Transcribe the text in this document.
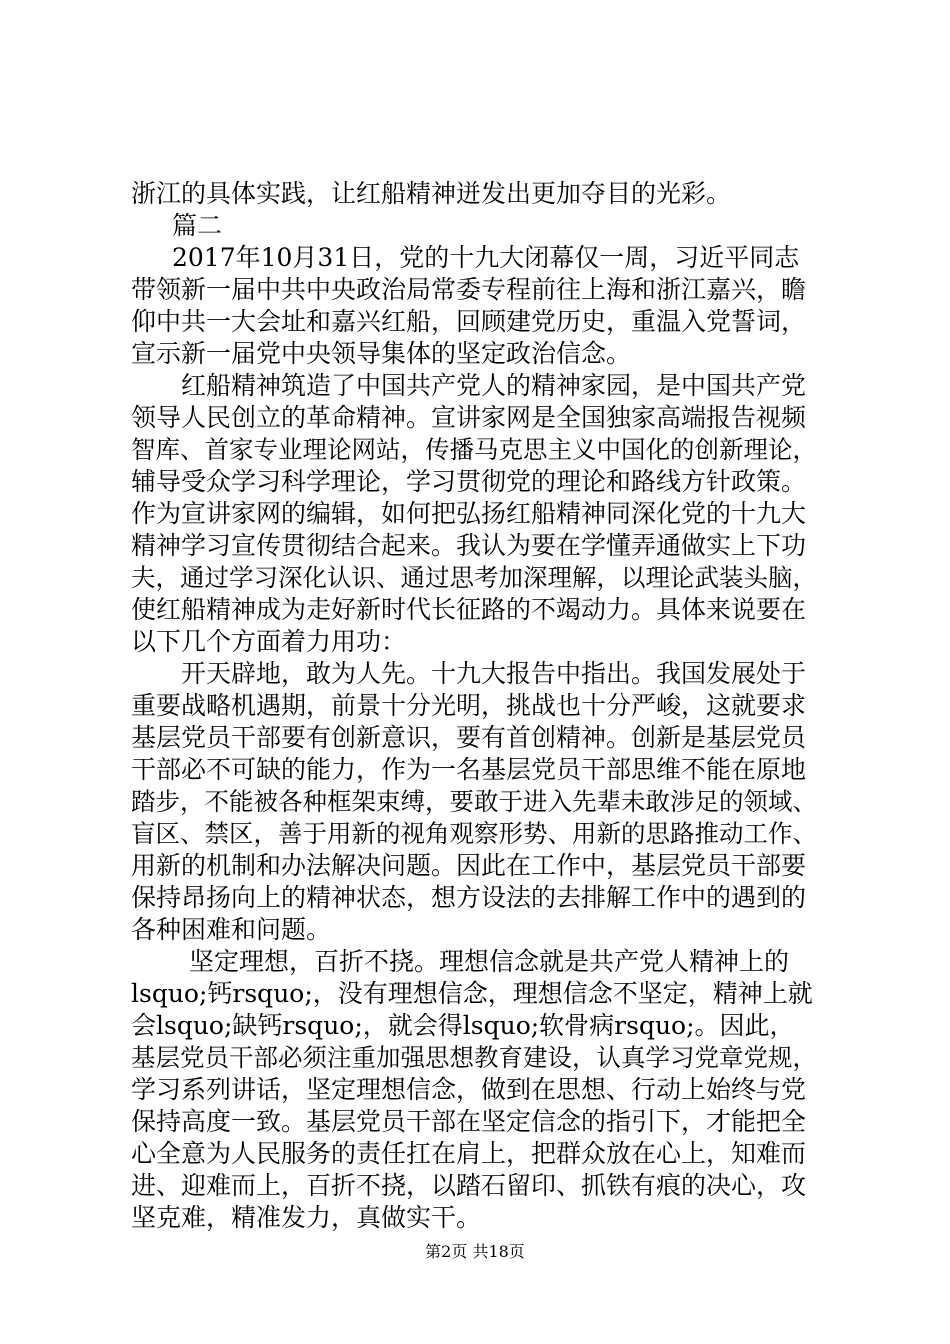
浙江的具体实践，让红船精神迸发出更加夺目的光彩。
篇二
2017年10月31日，党的十九大闭幕仅一周，习近平同志
带领新一届中共中央政治局常委专程前往上海和浙江嘉兴，瞻
仰中共一大会址和嘉兴红船，回顾建党历史，重温入党誓词，
宣示新一届党中央领导集体的坚定政治信念。
红船精神筑造了中国共产党人的精神家园，是中国共产党
领导人民创立的革命精神。宣讲家网是全国独家高端报告视频
智库、首家专业理论网站，传播马克思主义中国化的创新理论，
辅导受众学习科学理论，学习贯彻党的理论和路线方针政策。
作为宣讲家网的编辑，如何把弘扬红船精神同深化党的十九大
精神学习宣传贯彻结合起来。我认为要在学懂弄通做实上下功
夫，通过学习深化认识、通过思考加深理解，以理论武装头脑，
使红船精神成为走好新时代长征路的不竭动力。具体来说要在
以下几个方面着力用功：
开天辟地，敢为人先。十九大报告中指出。我国发展处于
重要战略机遇期，前景十分光明，挑战也十分严峻，这就要求
基层党员干部要有创新意识，要有首创精神。创新是基层党员
干部必不可缺的能力，作为一名基层党员干部思维不能在原地
踏步，不能被各种框架束缚，要敢于进入先辈未敢涉足的领域、
盲区、禁区，善于用新的视角观察形势、用新的思路推动工作、
用新的机制和办法解决问题。因此在工作中，基层党员干部要
保持昂扬向上的精神状态，想方设法的去排解工作中的遇到的
各种困难和问题。
坚定理想，百折不挠。理想信念就是共产党人精神上的
lsquo;钙rsquo;，没有理想信念，理想信念不坚定，精神上就
会lsquo;缺钙rsquo;，就会得lsquo;软骨病rsquo;。因此，
基层党员干部必须注重加强思想教育建设，认真学习党章党规，
学习系列讲话，坚定理想信念，做到在思想、行动上始终与党
保持高度一致。基层党员干部在坚定信念的指引下，才能把全
心全意为人民服务的责任扛在肩上，把群众放在心上，知难而
进、迎难而上，百折不挠，以踏石留印、抓铁有痕的决心，攻
坚克难，精准发力，真做实干。
第2页 共18页
